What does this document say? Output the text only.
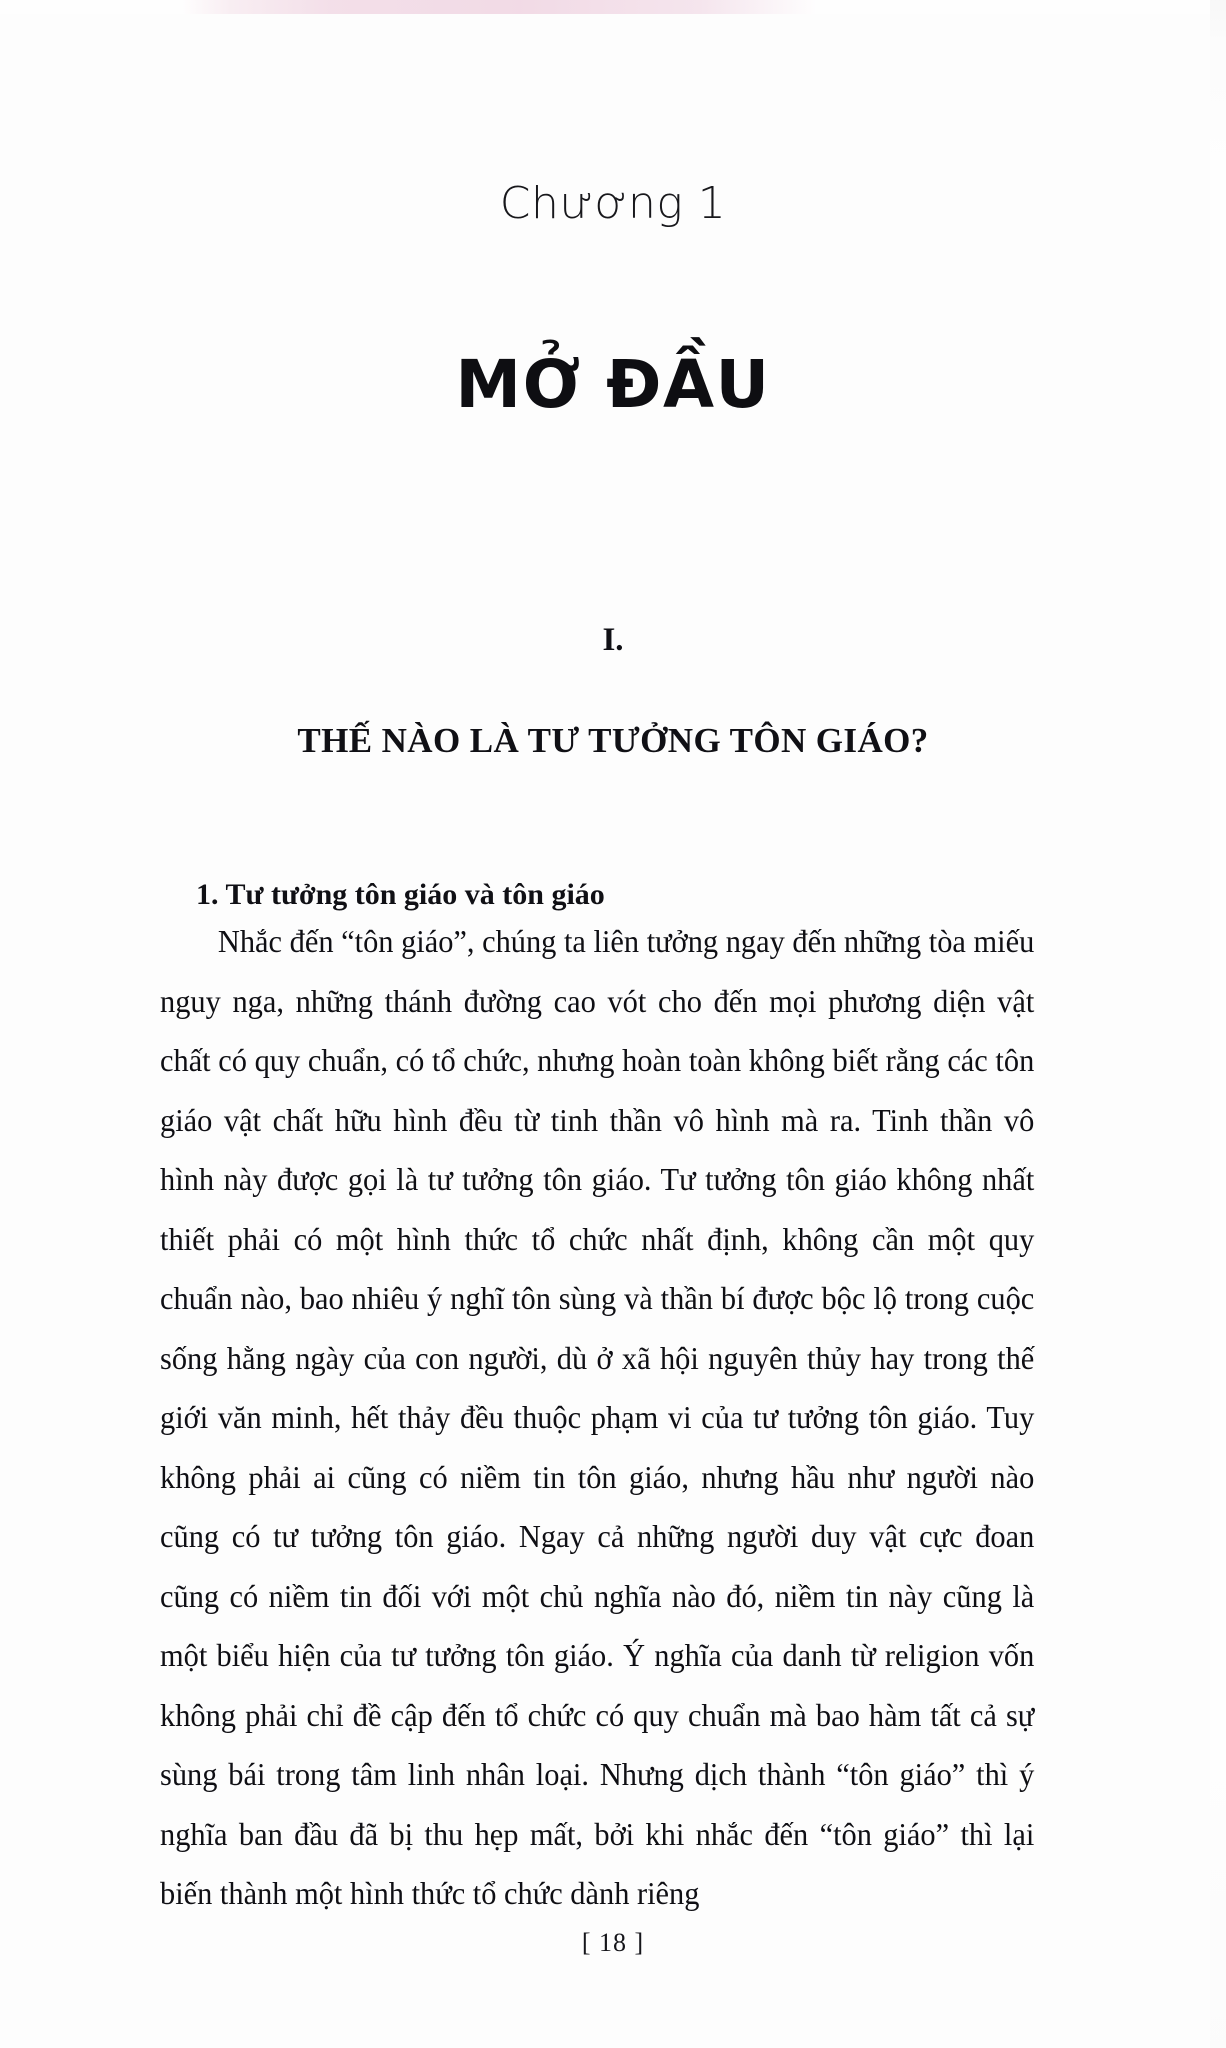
Chương 1
MỞ ĐẦU
I.
THẾ NÀO LÀ TƯ TƯỞNG TÔN GIÁO?
1. Tư tưởng tôn giáo và tôn giáo

Nhắc đến “tôn giáo”, chúng ta liên tưởng ngay đến những tòa miếu nguy nga, những thánh đường cao vót cho đến mọi phương diện vật chất có quy chuẩn, có tổ chức, nhưng hoàn toàn không biết rằng các tôn giáo vật chất hữu hình đều từ tinh thần vô hình mà ra. Tinh thần vô hình này được gọi là tư tưởng tôn giáo. Tư tưởng tôn giáo không nhất thiết phải có một hình thức tổ chức nhất định, không cần một quy chuẩn nào, bao nhiêu ý nghĩ tôn sùng và thần bí được bộc lộ trong cuộc sống hằng ngày của con người, dù ở xã hội nguyên thủy hay trong thế giới văn minh, hết thảy đều thuộc phạm vi của tư tưởng tôn giáo. Tuy không phải ai cũng có niềm tin tôn giáo, nhưng hầu như người nào cũng có tư tưởng tôn giáo. Ngay cả những người duy vật cực đoan cũng có niềm tin đối với một chủ nghĩa nào đó, niềm tin này cũng là một biểu hiện của tư tưởng tôn giáo. Ý nghĩa của danh từ religion vốn không phải chỉ đề cập đến tổ chức có quy chuẩn mà bao hàm tất cả sự sùng bái trong tâm linh nhân loại. Nhưng dịch thành “tôn giáo” thì ý nghĩa ban đầu đã bị thu hẹp mất, bởi khi nhắc đến “tôn giáo” thì lại biến thành một hình thức tổ chức dành riêng

[ 18 ]
